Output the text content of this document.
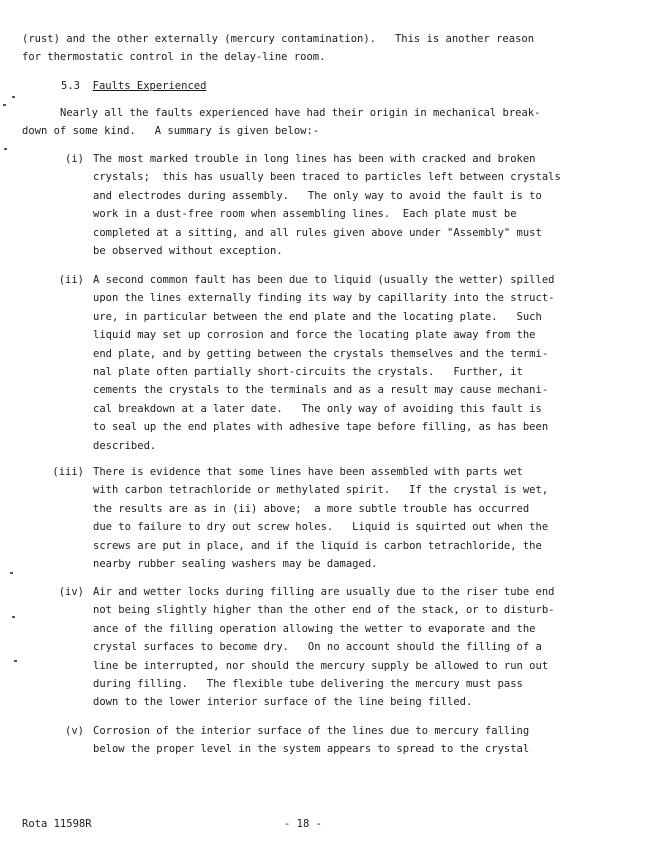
(rust) and the other externally (mercury contamination).   This is another reason
for thermostatic control in the delay-line room.
5.3 Faults Experienced
Nearly all the faults experienced have had their origin in mechanical break-
down of some kind.   A summary is given below:-
(i) The most marked trouble in long lines has been with cracked and broken
crystals;  this has usually been traced to particles left between crystals
and electrodes during assembly.   The only way to avoid the fault is to
work in a dust-free room when assembling lines.  Each plate must be
completed at a sitting, and all rules given above under "Assembly" must
be observed without exception.
(ii) A second common fault has been due to liquid (usually the wetter) spilled
upon the lines externally finding its way by capillarity into the struct-
ure, in particular between the end plate and the locating plate.   Such
liquid may set up corrosion and force the locating plate away from the
end plate, and by getting between the crystals themselves and the termi-
nal plate often partially short-circuits the crystals.   Further, it
cements the crystals to the terminals and as a result may cause mechani-
cal breakdown at a later date.   The only way of avoiding this fault is
to seal up the end plates with adhesive tape before filling, as has been
described.
(iii) There is evidence that some lines have been assembled with parts wet
with carbon tetrachloride or methylated spirit.   If the crystal is wet,
the results are as in (ii) above;  a more subtle trouble has occurred
due to failure to dry out screw holes.   Liquid is squirted out when the
screws are put in place, and if the liquid is carbon tetrachloride, the
nearby rubber sealing washers may be damaged.
(iv) Air and wetter locks during filling are usually due to the riser tube end
not being slightly higher than the other end of the stack, or to disturb-
ance of the filling operation allowing the wetter to evaporate and the
crystal surfaces to become dry.   On no account should the filling of a
line be interrupted, nor should the mercury supply be allowed to run out
during filling.   The flexible tube delivering the mercury must pass
down to the lower interior surface of the line being filled.
(v) Corrosion of the interior surface of the lines due to mercury falling
below the proper level in the system appears to spread to the crystal
Rota 11598R	- 18 -
